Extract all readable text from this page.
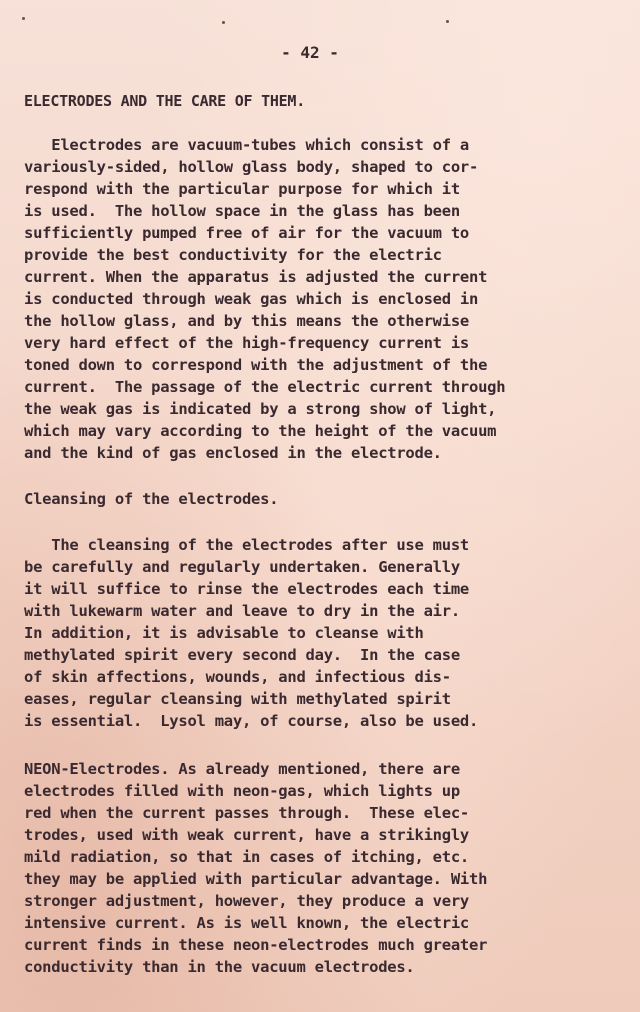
- 42 -
ELECTRODES AND THE CARE OF THEM.
Electrodes are vacuum-tubes which consist of a
variously-sided, hollow glass body, shaped to cor-
respond with the particular purpose for which it
is used.  The hollow space in the glass has been
sufficiently pumped free of air for the vacuum to
provide the best conductivity for the electric
current. When the apparatus is adjusted the current
is conducted through weak gas which is enclosed in
the hollow glass, and by this means the otherwise
very hard effect of the high-frequency current is
toned down to correspond with the adjustment of the
current.  The passage of the electric current through
the weak gas is indicated by a strong show of light,
which may vary according to the height of the vacuum
and the kind of gas enclosed in the electrode.
Cleansing of the electrodes.
The cleansing of the electrodes after use must
be carefully and regularly undertaken. Generally
it will suffice to rinse the electrodes each time
with lukewarm water and leave to dry in the air.
In addition, it is advisable to cleanse with
methylated spirit every second day.  In the case
of skin affections, wounds, and infectious dis-
eases, regular cleansing with methylated spirit
is essential.  Lysol may, of course, also be used.
NEON-Electrodes. As already mentioned, there are
electrodes filled with neon-gas, which lights up
red when the current passes through.  These elec-
trodes, used with weak current, have a strikingly
mild radiation, so that in cases of itching, etc.
they may be applied with particular advantage. With
stronger adjustment, however, they produce a very
intensive current. As is well known, the electric
current finds in these neon-electrodes much greater
conductivity than in the vacuum electrodes.
